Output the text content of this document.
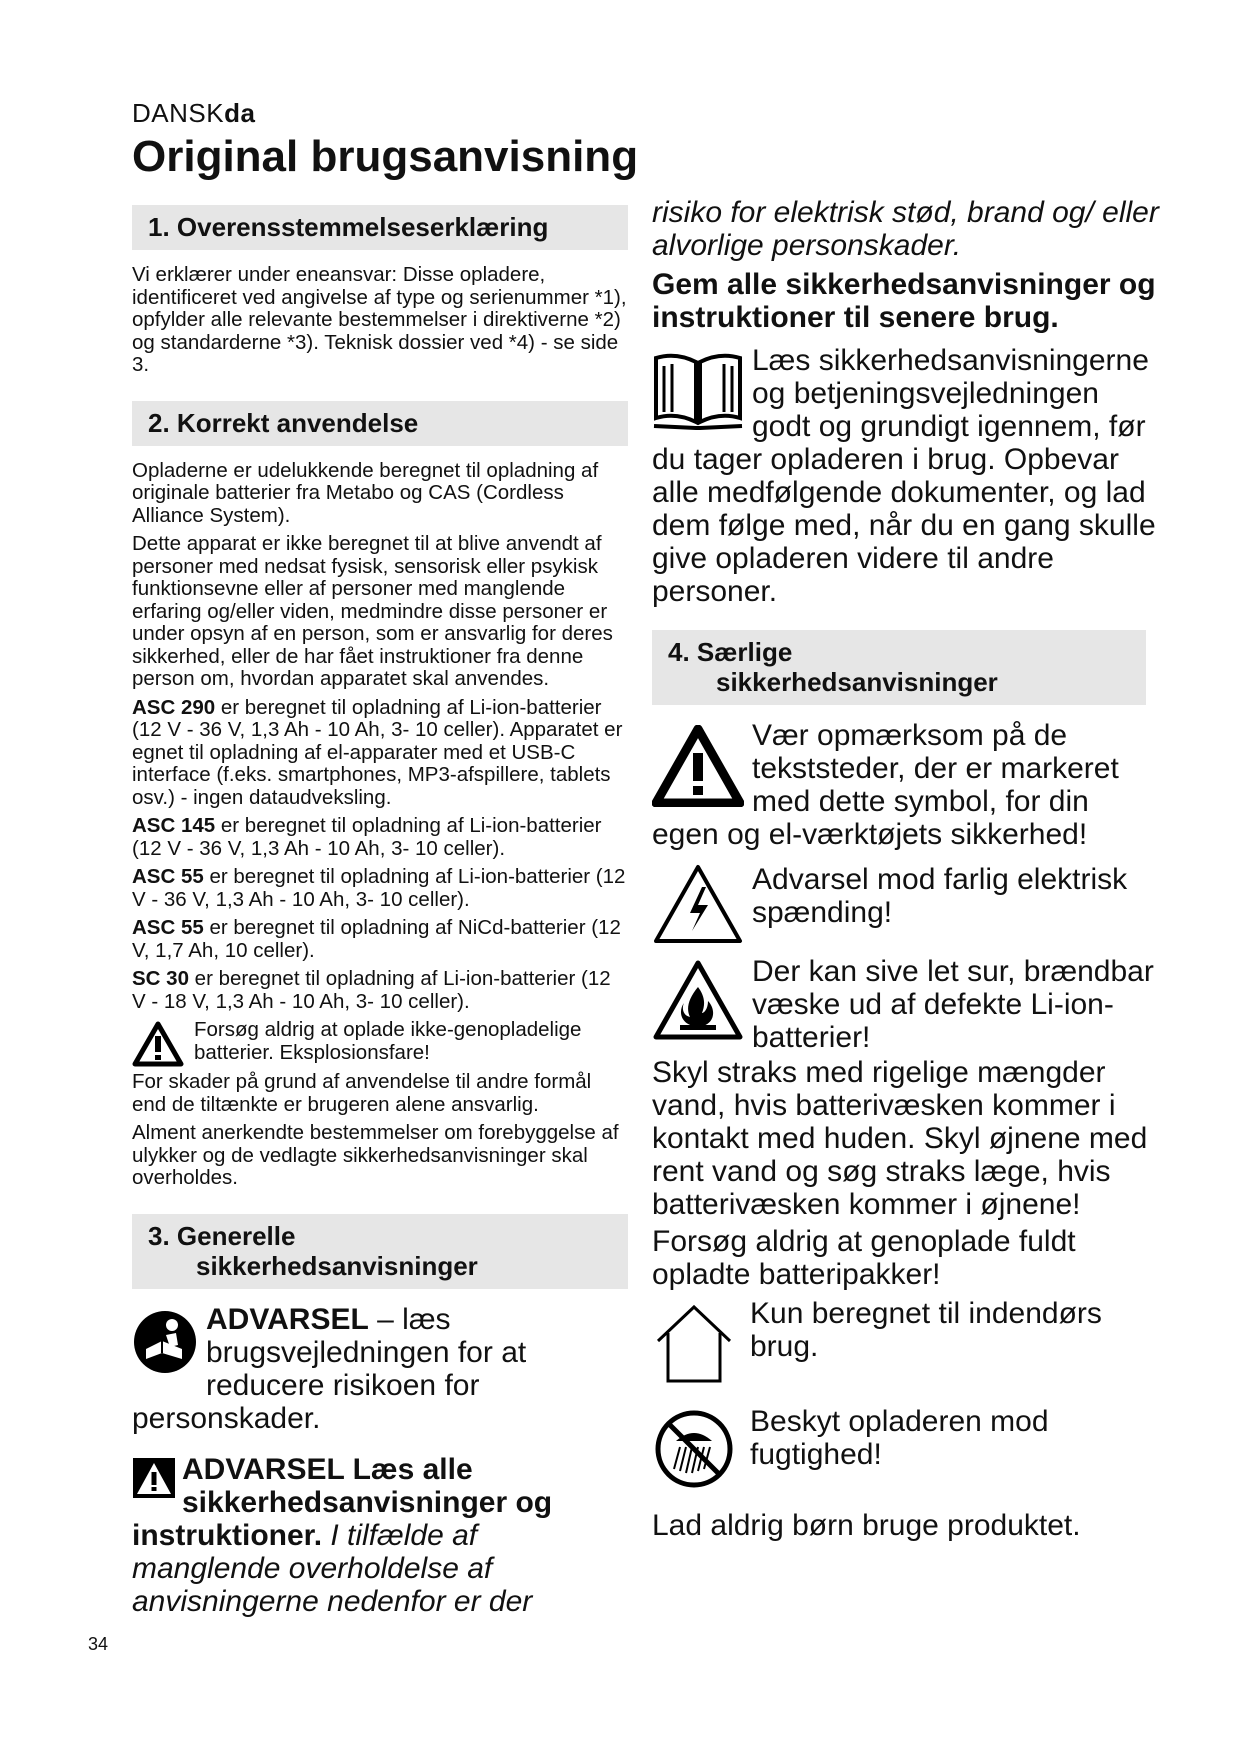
DANSKda
Original brugsanvisning
1. Overensstemmelseserklæring

Vi erklærer under eneansvar: Disse opladere, identificeret ved angivelse af type og serienummer *1), opfylder alle relevante bestemmelser i direktiverne *2) og standarderne *3). Teknisk dossier ved *4) - se side 3.

2. Korrekt anvendelse

Opladerne er udelukkende beregnet til opladning af originale batterier fra Metabo og CAS (Cordless Alliance System).

Dette apparat er ikke beregnet til at blive anvendt af personer med nedsat fysisk, sensorisk eller psykisk funktionsevne eller af personer med manglende erfaring og/eller viden, medmindre disse personer er under opsyn af en person, som er ansvarlig for deres sikkerhed, eller de har fået instruktioner fra denne person om, hvordan apparatet skal anvendes.

ASC 290 er beregnet til opladning af Li-ion-batterier (12 V - 36 V, 1,3 Ah - 10 Ah, 3- 10 celler). Apparatet er egnet til opladning af el-apparater med et USB-C interface (f.eks. smartphones, MP3-afspillere, tablets osv.) - ingen dataudveksling.

ASC 145 er beregnet til opladning af Li-ion-batterier (12 V - 36 V, 1,3 Ah - 10 Ah, 3- 10 celler).

ASC 55 er beregnet til opladning af Li-ion-batterier (12 V - 36 V, 1,3 Ah - 10 Ah, 3- 10 celler).

ASC 55 er beregnet til opladning af NiCd-batterier (12 V, 1,7 Ah, 10 celler).

SC 30 er beregnet til opladning af Li-ion-batterier (12 V - 18 V, 1,3 Ah - 10 Ah, 3- 10 celler).

Forsøg aldrig at oplade ikke-genopladelige batterier. Eksplosionsfare!

For skader på grund af anvendelse til andre formål end de tiltænkte er brugeren alene ansvarlig.

Alment anerkendte bestemmelser om forebyggelse af ulykker og de vedlagte sikkerhedsanvisninger skal overholdes.

3. Generelle
sikkerhedsanvisninger

ADVARSEL – læs brugsvejledningen for at reducere risikoen for personskader.

ADVARSEL Læs alle sikkerhedsanvisninger og instruktioner. I tilfælde af manglende overholdelse af anvisningerne nedenfor er der

risiko for elektrisk stød, brand og/ eller alvorlige personskader.

Gem alle sikkerhedsanvisninger og instruktioner til senere brug.

Læs sikkerhedsanvisningerne og betjeningsvejledningen godt og grundigt igennem, før du tager opladeren i brug. Opbevar alle medfølgende dokumenter, og lad dem følge med, når du en gang skulle give opladeren videre til andre personer.

4. Særlige
sikkerhedsanvisninger

Vær opmærksom på de tekststeder, der er markeret med dette symbol, for din egen og el-værktøjets sikkerhed!

Advarsel mod farlig elektrisk spænding!

Der kan sive let sur, brændbar væske ud af defekte Li-ion-batterier!

Skyl straks med rigelige mængder vand, hvis batterivæsken kommer i kontakt med huden. Skyl øjnene med rent vand og søg straks læge, hvis batterivæsken kommer i øjnene!

Forsøg aldrig at genoplade fuldt opladte batteripakker!

Kun beregnet til indendørs brug.

Beskyt opladeren mod fugtighed!

Lad aldrig børn bruge produktet.

34
